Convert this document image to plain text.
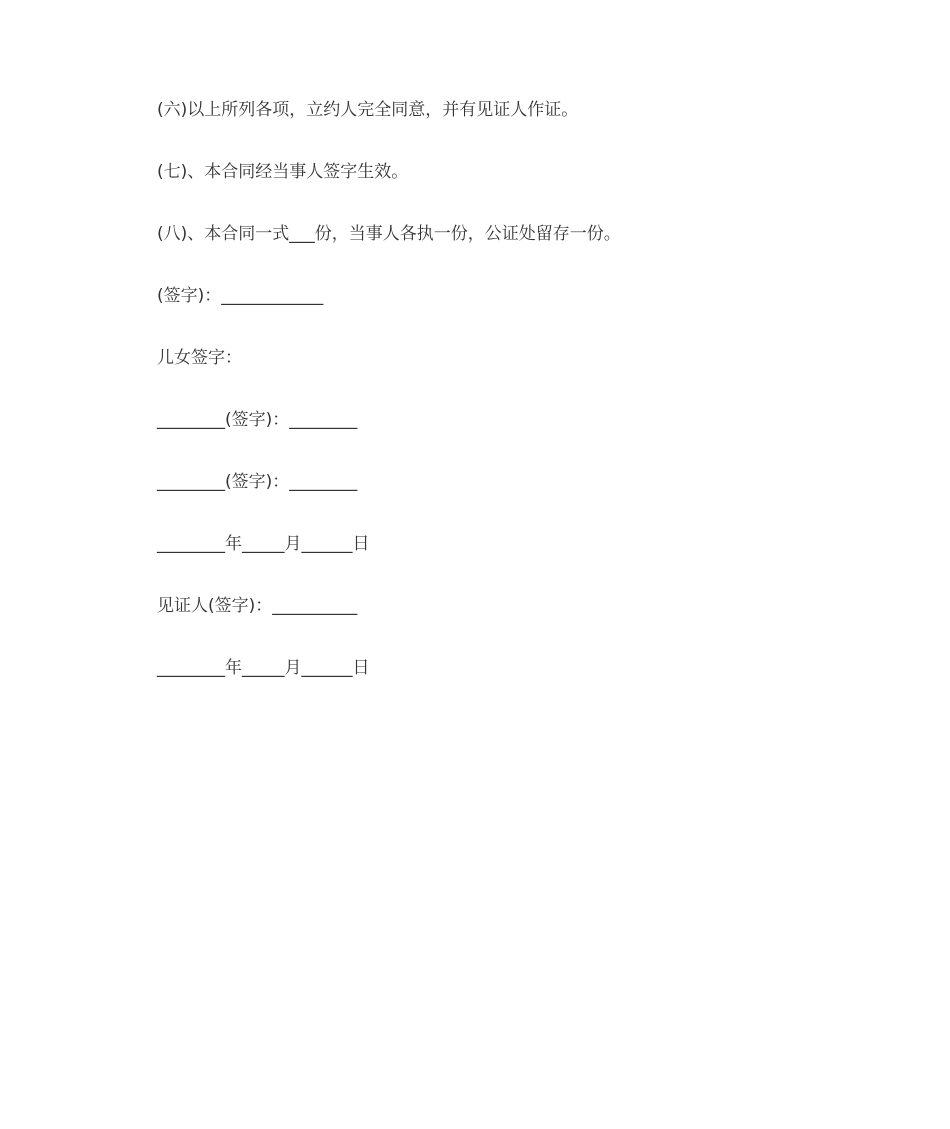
(六)以上所列各项，立约人完全同意，并有见证人作证。

(七)、本合同经当事人签字生效。

(八)、本合同一式___份，当事人各执一份，公证处留存一份。

(签字)：____________

儿女签字：

________(签字)：________

________(签字)：________

________年_____月______日

见证人(签字)：__________

________年_____月______日
